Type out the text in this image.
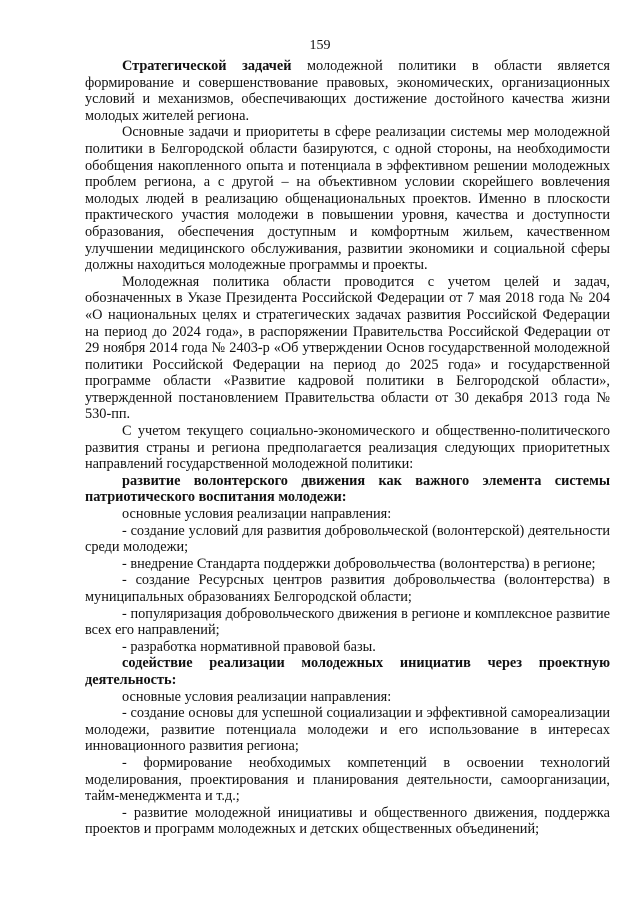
159

Стратегической задачей молодежной политики в области является формирование и совершенствование правовых, экономических, организационных условий и механизмов, обеспечивающих достижение достойного качества жизни молодых жителей региона.

Основные задачи и приоритеты в сфере реализации системы мер молодежной политики в Белгородской области базируются, с одной стороны, на необходимости обобщения накопленного опыта и потенциала в эффективном решении молодежных проблем региона, а с другой – на объективном условии скорейшего вовлечения молодых людей в реализацию общенациональных проектов. Именно в плоскости практического участия молодежи в повышении уровня, качества и доступности образования, обеспечения доступным и комфортным жильем, качественном улучшении медицинского обслуживания, развитии экономики и социальной сферы должны находиться молодежные программы и проекты.

Молодежная политика области проводится с учетом целей и задач, обозначенных в Указе Президента Российской Федерации от 7 мая 2018 года № 204 «О национальных целях и стратегических задачах развития Российской Федерации на период до 2024 года», в распоряжении Правительства Российской Федерации от 29 ноября 2014 года № 2403-р «Об утверждении Основ государственной молодежной политики Российской Федерации на период до 2025 года» и государственной программе области «Развитие кадровой политики в Белгородской области», утвержденной постановлением Правительства области от 30 декабря 2013 года № 530-пп.

С учетом текущего социально-экономического и общественно-политического развития страны и региона предполагается реализация следующих приоритетных направлений государственной молодежной политики:

развитие волонтерского движения как важного элемента системы патриотического воспитания молодежи:

основные условия реализации направления:

- создание условий для развития добровольческой (волонтерской) деятельности среди молодежи;

- внедрение Стандарта поддержки добровольчества (волонтерства) в регионе;

- создание Ресурсных центров развития добровольчества (волонтерства) в муниципальных образованиях Белгородской области;

- популяризация добровольческого движения в регионе и комплексное развитие всех его направлений;

- разработка нормативной правовой базы.

содействие реализации молодежных инициатив через проектную деятельность:

основные условия реализации направления:

- создание основы для успешной социализации и эффективной самореализации молодежи, развитие потенциала молодежи и его использование в интересах инновационного развития региона;

- формирование необходимых компетенций в освоении технологий моделирования, проектирования и планирования деятельности, самоорганизации, тайм-менеджмента и т.д.;

- развитие молодежной инициативы и общественного движения, поддержка проектов и программ молодежных и детских общественных объединений;
